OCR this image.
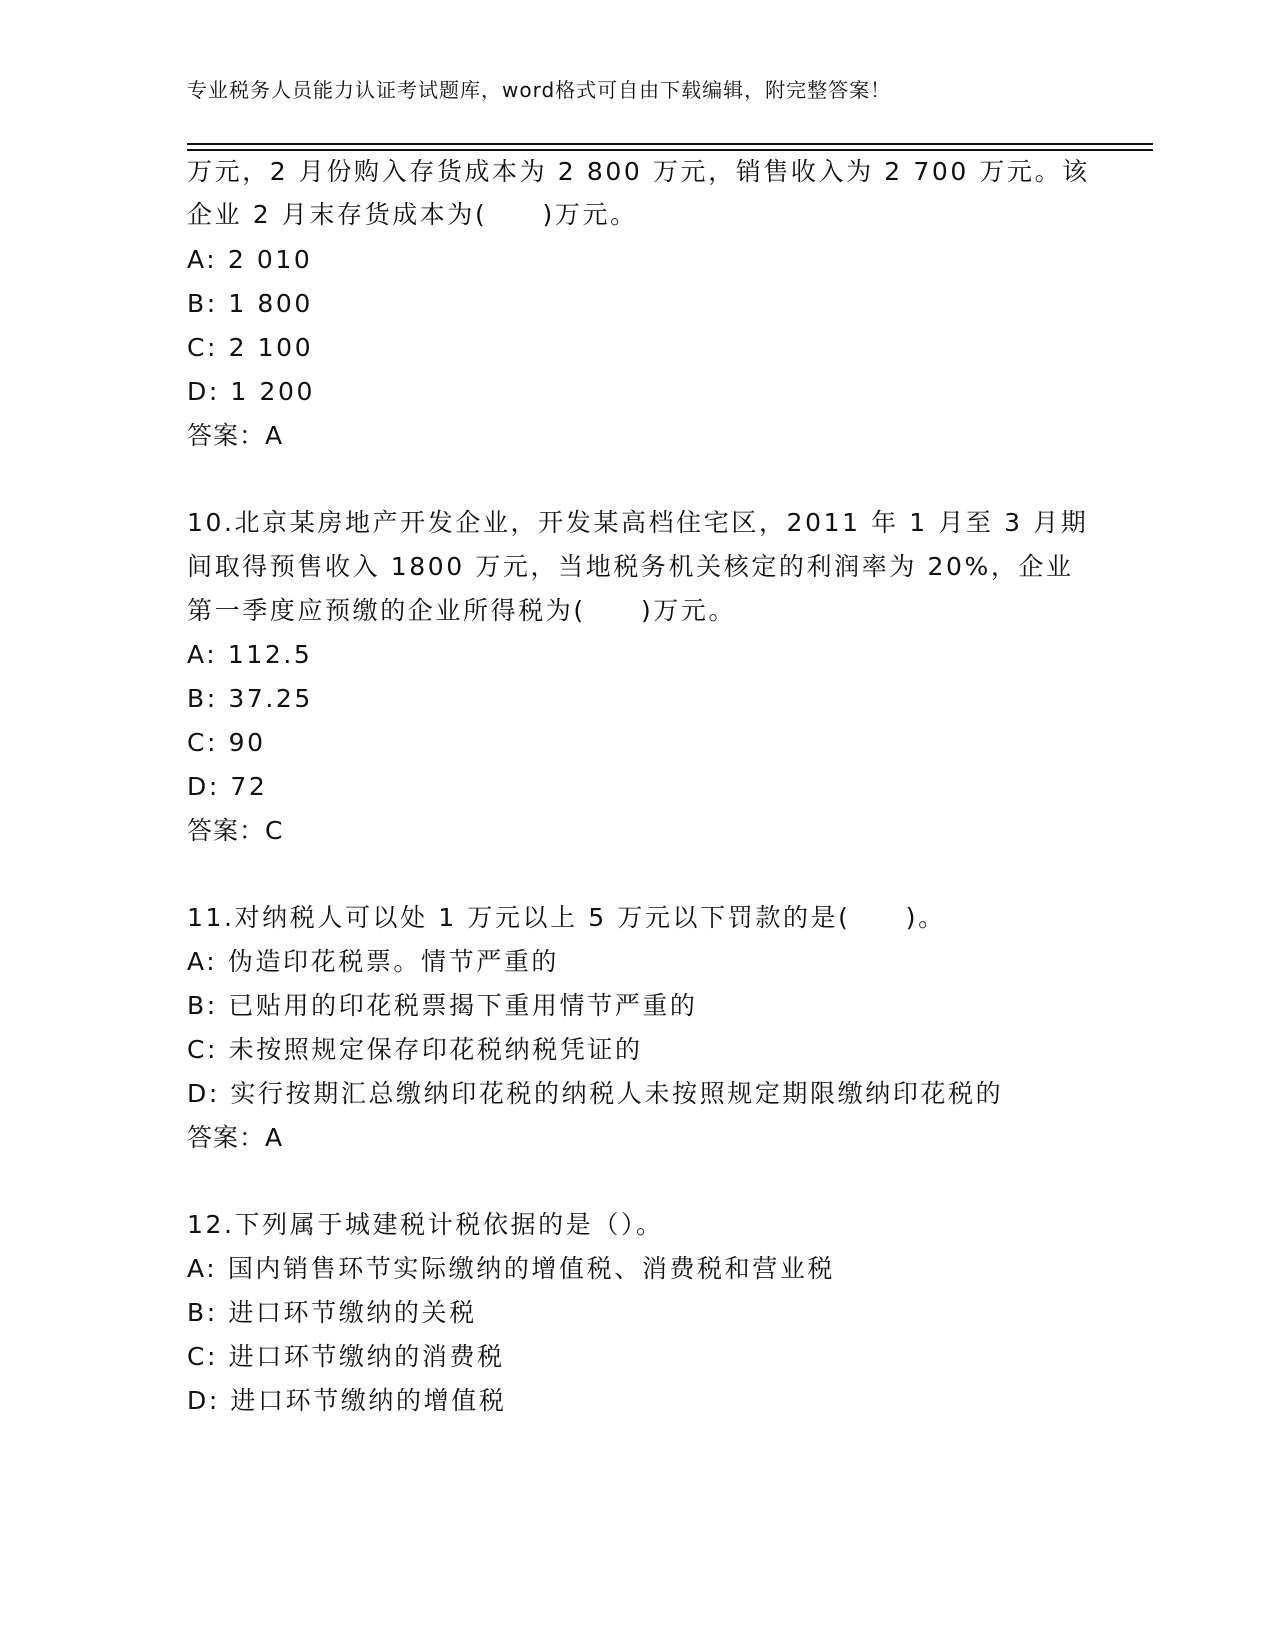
专业税务人员能力认证考试题库，word格式可自由下载编辑，附完整答案！
万元，2 月份购入存货成本为 2 800 万元，销售收入为 2 700 万元。该
企业 2 月末存货成本为(　　)万元。
A: 2 010
B: 1 800
C: 2 100
D: 1 200
答案：A
10.北京某房地产开发企业，开发某高档住宅区，2011 年 1 月至 3 月期
间取得预售收入 1800 万元，当地税务机关核定的利润率为 20%，企业
第一季度应预缴的企业所得税为(　　)万元。
A: 112.5
B: 37.25
C: 90
D: 72
答案：C
11.对纳税人可以处 1 万元以上 5 万元以下罚款的是(　　)。
A: 伪造印花税票。情节严重的
B: 已贴用的印花税票揭下重用情节严重的
C: 未按照规定保存印花税纳税凭证的
D: 实行按期汇总缴纳印花税的纳税人未按照规定期限缴纳印花税的
答案：A
12.下列属于城建税计税依据的是（）。
A: 国内销售环节实际缴纳的增值税、消费税和营业税
B: 进口环节缴纳的关税
C: 进口环节缴纳的消费税
D: 进口环节缴纳的增值税
